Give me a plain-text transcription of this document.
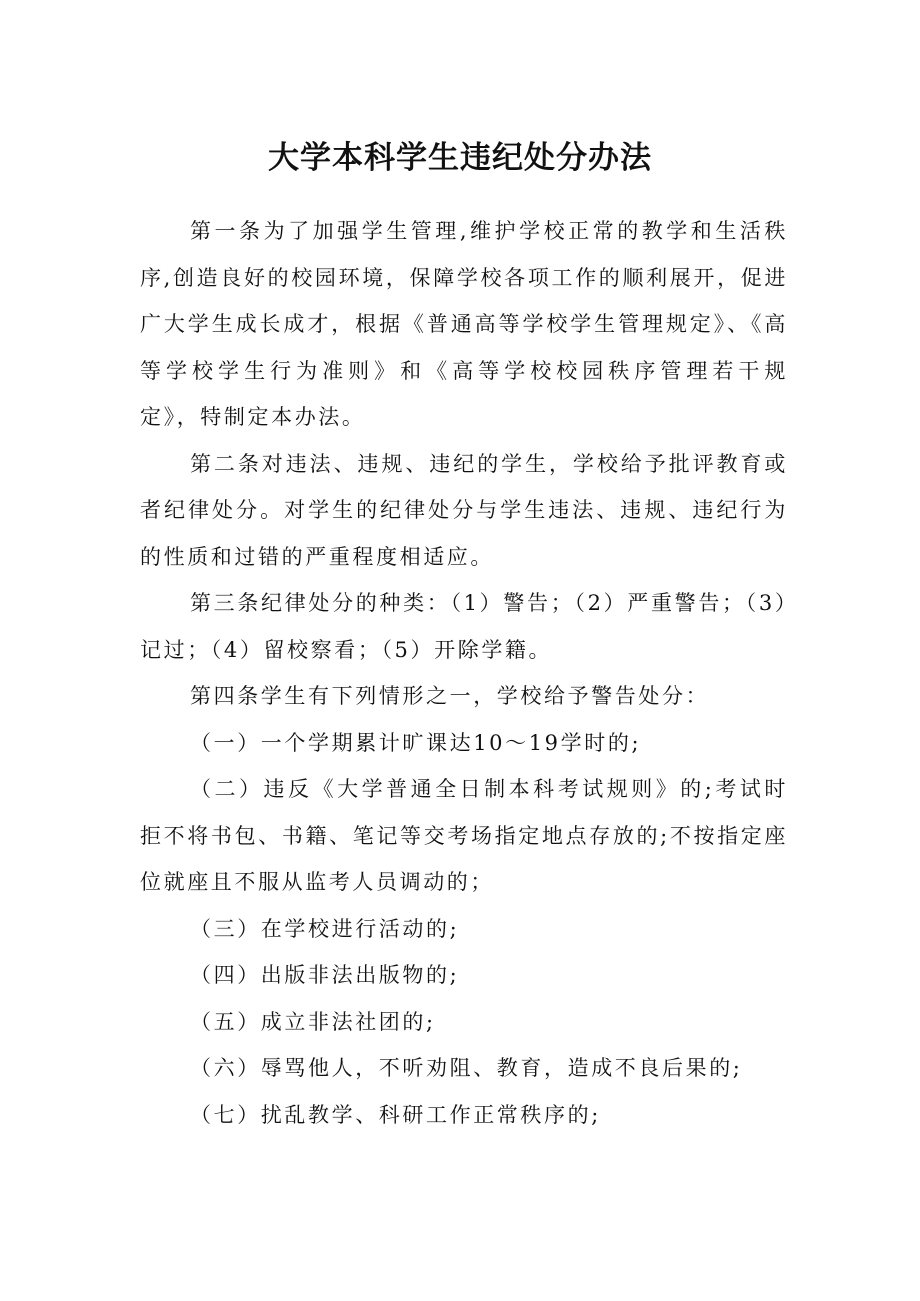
大学本科学生违纪处分办法

第一条为了加强学生管理,维护学校正常的教学和生活秩序,创造良好的校园环境，保障学校各项工作的顺利展开，促进广大学生成长成才，根据《普通高等学校学生管理规定》、《高等学校学生行为准则》和《高等学校校园秩序管理若干规定》，特制定本办法。

第二条对违法、违规、违纪的学生，学校给予批评教育或者纪律处分。对学生的纪律处分与学生违法、违规、违纪行为的性质和过错的严重程度相适应。

第三条纪律处分的种类：（1）警告；（2）严重警告；（3）记过；（4）留校察看；（5）开除学籍。

第四条学生有下列情形之一，学校给予警告处分：

（一）一个学期累计旷课达10～19学时的;

（二）违反《大学普通全日制本科考试规则》的;考试时拒不将书包、书籍、笔记等交考场指定地点存放的;不按指定座位就座且不服从监考人员调动的；

（三）在学校进行活动的;

（四）出版非法出版物的;

（五）成立非法社团的;

（六）辱骂他人，不听劝阻、教育，造成不良后果的;

（七）扰乱教学、科研工作正常秩序的;
